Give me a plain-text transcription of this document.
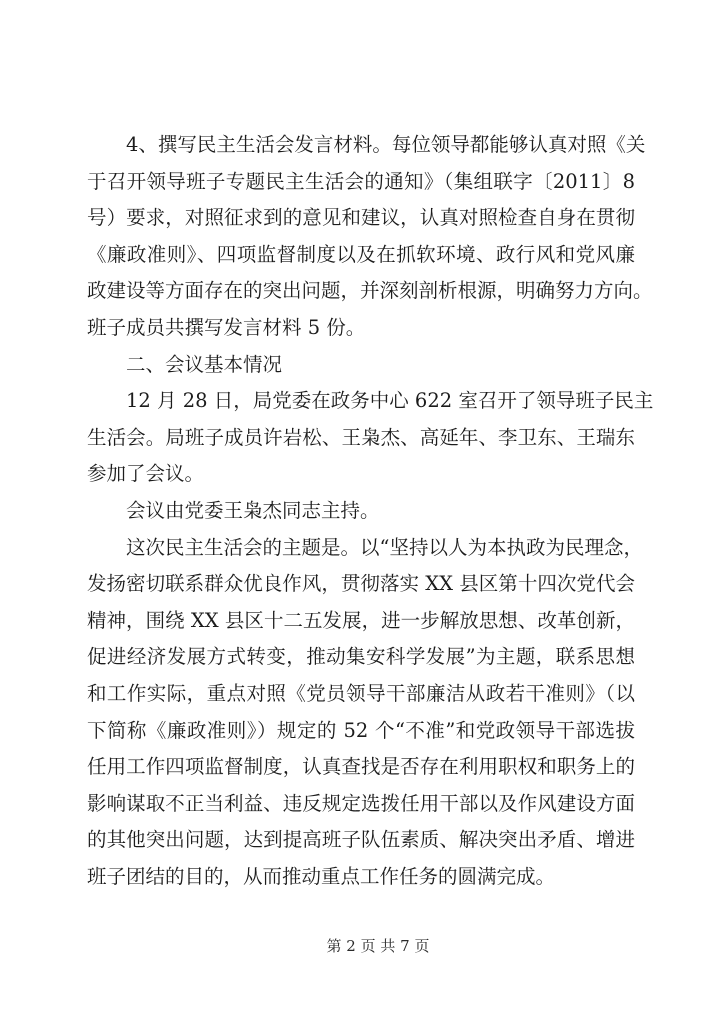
4、撰写民主生活会发言材料。每位领导都能够认真对照《关
于召开领导班子专题民主生活会的通知》（集组联字〔2011〕8
号）要求，对照征求到的意见和建议，认真对照检查自身在贯彻
《廉政准则》、四项监督制度以及在抓软环境、政行风和党风廉
政建设等方面存在的突出问题，并深刻剖析根源，明确努力方向。
班子成员共撰写发言材料 5 份。
二、会议基本情况
12 月 28 日，局党委在政务中心 622 室召开了领导班子民主
生活会。局班子成员许岩松、王枭杰、高延年、李卫东、王瑞东
参加了会议。
会议由党委王枭杰同志主持。
这次民主生活会的主题是。以“坚持以人为本执政为民理念，
发扬密切联系群众优良作风，贯彻落实 XX 县区第十四次党代会
精神，围绕 XX 县区十二五发展，进一步解放思想、改革创新，
促进经济发展方式转变，推动集安科学发展”为主题，联系思想
和工作实际，重点对照《党员领导干部廉洁从政若干准则》（以
下简称《廉政准则》）规定的 52 个“不准”和党政领导干部选拔
任用工作四项监督制度，认真查找是否存在利用职权和职务上的
影响谋取不正当利益、违反规定选拨任用干部以及作风建设方面
的其他突出问题，达到提高班子队伍素质、解决突出矛盾、增进
班子团结的目的，从而推动重点工作任务的圆满完成。
第 2 页 共 7 页
